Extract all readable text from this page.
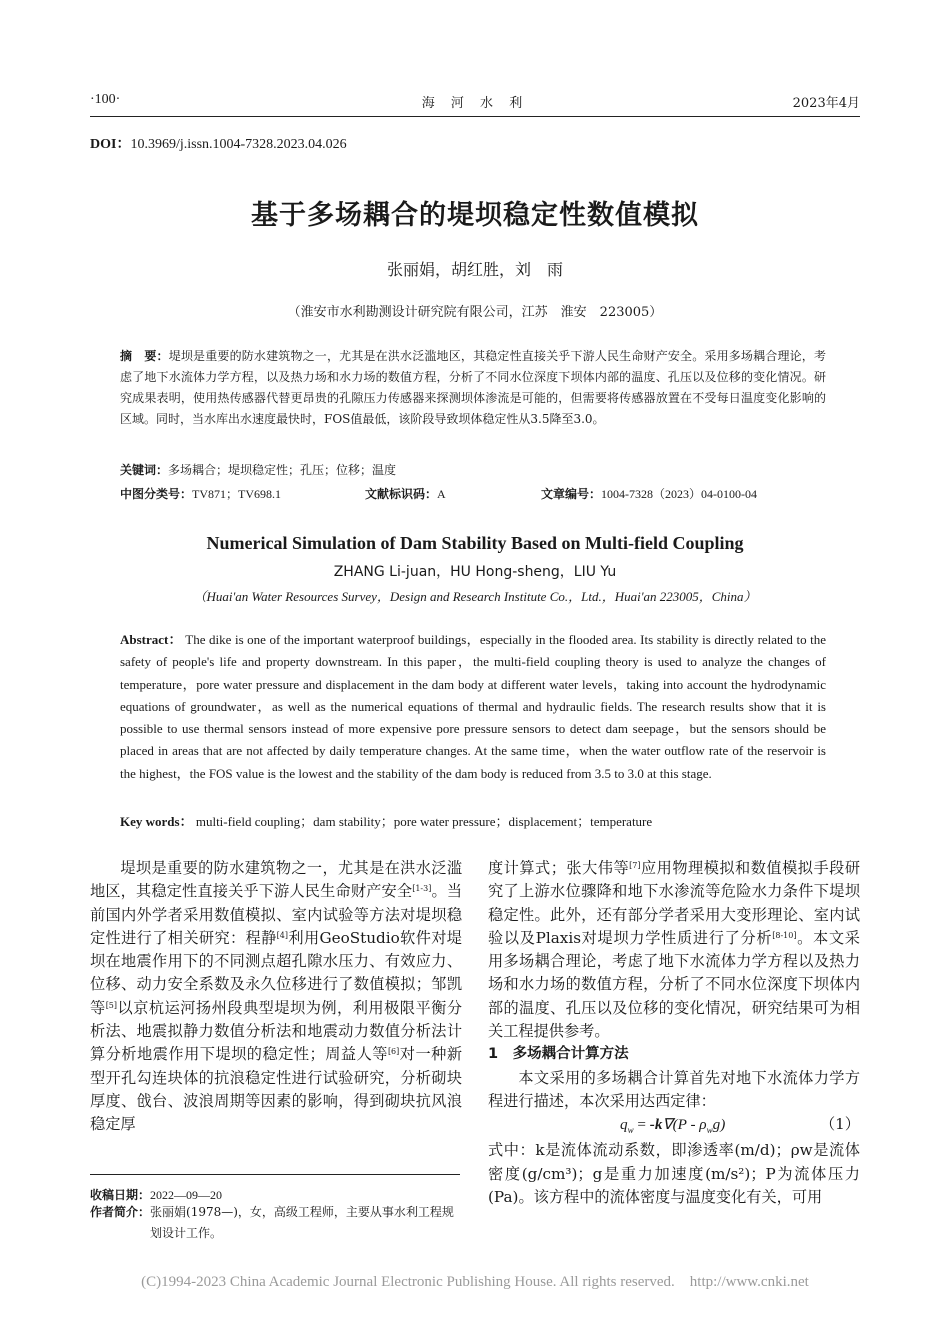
·100·	海 河 水 利	2023年4月
DOI：10.3969/j.issn.1004-7328.2023.04.026
基于多场耦合的堤坝稳定性数值模拟
张丽娟，胡红胜，刘　雨
（淮安市水利勘测设计研究院有限公司，江苏　淮安　223005）
摘　要：堤坝是重要的防水建筑物之一，尤其是在洪水泛滥地区，其稳定性直接关乎下游人民生命财产安全。采用多场耦合理论，考虑了地下水流体力学方程，以及热力场和水力场的数值方程，分析了不同水位深度下坝体内部的温度、孔压以及位移的变化情况。研究成果表明，使用热传感器代替更昂贵的孔隙压力传感器来探测坝体渗流是可能的，但需要将传感器放置在不受每日温度变化影响的区域。同时，当水库出水速度最快时，FOS值最低，该阶段导致坝体稳定性从3.5降至3.0。
关键词：多场耦合；堤坝稳定性；孔压；位移；温度
中图分类号：TV871；TV698.1	文献标识码：A	文章编号：1004-7328（2023）04-0100-04
Numerical Simulation of Dam Stability Based on Multi-field Coupling
ZHANG Li-juan，HU Hong-sheng，LIU Yu
（Huai'an Water Resources Survey，Design and Research Institute Co.，Ltd.，Huai'an 223005，China）
Abstract： The dike is one of the important waterproof buildings，especially in the flooded area. Its stability is directly related to the safety of people's life and property downstream. In this paper，the multi-field coupling theory is used to analyze the changes of temperature，pore water pressure and displacement in the dam body at different water levels，taking into account the hydrodynamic equations of groundwater，as well as the numerical equations of thermal and hydraulic fields. The research results show that it is possible to use thermal sensors instead of more expensive pore pressure sensors to detect dam seepage，but the sensors should be placed in areas that are not affected by daily temperature changes. At the same time，when the water outflow rate of the reservoir is the highest，the FOS value is the lowest and the stability of the dam body is reduced from 3.5 to 3.0 at this stage.
Key words： multi-field coupling；dam stability；pore water pressure；displacement；temperature
堤坝是重要的防水建筑物之一，尤其是在洪水泛滥地区，其稳定性直接关乎下游人民生命财产安全[1-3]。当前国内外学者采用数值模拟、室内试验等方法对堤坝稳定性进行了相关研究：程静[4]利用GeoStudio软件对堤坝在地震作用下的不同测点超孔隙水压力、有效应力、位移、动力安全系数及永久位移进行了数值模拟；邹凯等[5]以京杭运河扬州段典型堤坝为例，利用极限平衡分析法、地震拟静力数值分析法和地震动力数值分析法计算分析地震作用下堤坝的稳定性；周益人等[6]对一种新型开孔勾连块体的抗浪稳定性进行试验研究，分析砌块厚度、戗台、波浪周期等因素的影响，得到砌块抗风浪稳定厚
度计算式；张大伟等[7]应用物理模拟和数值模拟手段研究了上游水位骤降和地下水渗流等危险水力条件下堤坝稳定性。此外，还有部分学者采用大变形理论、室内试验以及Plaxis对堤坝力学性质进行了分析[8-10]。本文采用多场耦合理论，考虑了地下水流体力学方程以及热力场和水力场的数值方程，分析了不同水位深度下坝体内部的温度、孔压以及位移的变化情况，研究结果可为相关工程提供参考。
1　多场耦合计算方法
本文采用的多场耦合计算首先对地下水流体力学方程进行描述，本次采用达西定律：
$q_w = -k\nabla(P - \rho_wg)$	（1）
式中：k是流体流动系数，即渗透率(m/d)；ρw是流体密度(g/cm³)；g是重力加速度(m/s²)；P为流体压力(Pa)。该方程中的流体密度与温度变化有关，可用
收稿日期：2022—09—20
作者简介：张丽娟(1978—)，女，高级工程师，主要从事水利工程规划设计工作。
(C)1994-2023 China Academic Journal Electronic Publishing House. All rights reserved.　http://www.cnki.net
